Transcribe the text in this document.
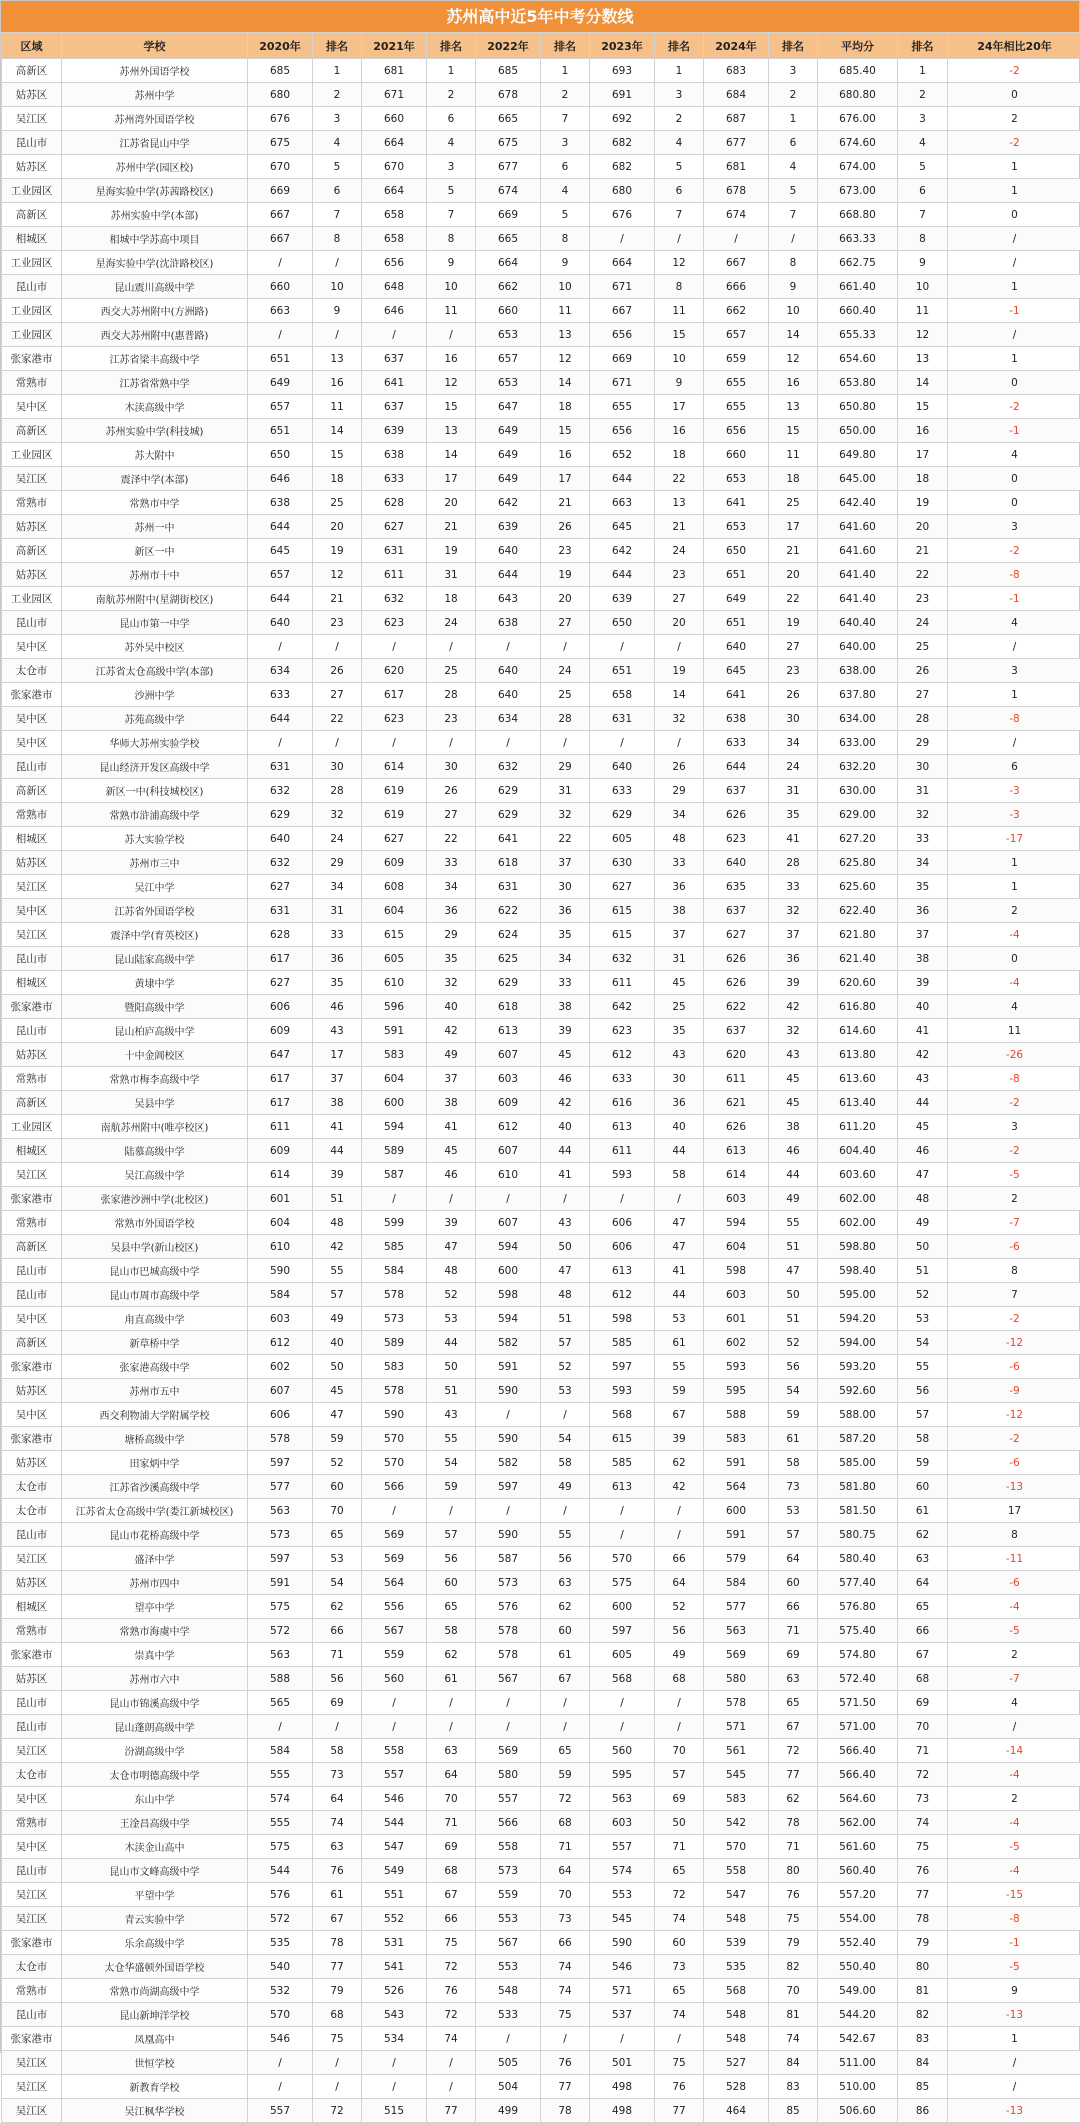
苏州高中近5年中考分数线
区域	学校	2020年	排名	2021年	排名	2022年	排名	2023年	排名	2024年	排名	平均分	排名	24年相比20年
高新区	苏州外国语学校	685	1	681	1	685	1	693	1	683	3	685.40	1	-2
姑苏区	苏州中学	680	2	671	2	678	2	691	3	684	2	680.80	2	0
吴江区	苏州湾外国语学校	676	3	660	6	665	7	692	2	687	1	676.00	3	2
昆山市	江苏省昆山中学	675	4	664	4	675	3	682	4	677	6	674.60	4	-2
姑苏区	苏州中学(园区校)	670	5	670	3	677	6	682	5	681	4	674.00	5	1
工业园区	星海实验中学(苏茜路校区)	669	6	664	5	674	4	680	6	678	5	673.00	6	1
高新区	苏州实验中学(本部)	667	7	658	7	669	5	676	7	674	7	668.80	7	0
相城区	相城中学苏高中项目	667	8	658	8	665	8	/	/	/	/	663.33	8	/
工业园区	星海实验中学(沈浒路校区)	/	/	656	9	664	9	664	12	667	8	662.75	9	/
昆山市	昆山震川高级中学	660	10	648	10	662	10	671	8	666	9	661.40	10	1
工业园区	西交大苏州附中(方洲路)	663	9	646	11	660	11	667	11	662	10	660.40	11	-1
工业园区	西交大苏州附中(惠普路)	/	/	/	/	653	13	656	15	657	14	655.33	12	/
张家港市	江苏省梁丰高级中学	651	13	637	16	657	12	669	10	659	12	654.60	13	1
常熟市	江苏省常熟中学	649	16	641	12	653	14	671	9	655	16	653.80	14	0
吴中区	木渎高级中学	657	11	637	15	647	18	655	17	655	13	650.80	15	-2
高新区	苏州实验中学(科技城)	651	14	639	13	649	15	656	16	656	15	650.00	16	-1
工业园区	苏大附中	650	15	638	14	649	16	652	18	660	11	649.80	17	4
吴江区	震泽中学(本部)	646	18	633	17	649	17	644	22	653	18	645.00	18	0
常熟市	常熟市中学	638	25	628	20	642	21	663	13	641	25	642.40	19	0
姑苏区	苏州一中	644	20	627	21	639	26	645	21	653	17	641.60	20	3
高新区	新区一中	645	19	631	19	640	23	642	24	650	21	641.60	21	-2
姑苏区	苏州市十中	657	12	611	31	644	19	644	23	651	20	641.40	22	-8
工业园区	南航苏州附中(星湖街校区)	644	21	632	18	643	20	639	27	649	22	641.40	23	-1
昆山市	昆山市第一中学	640	23	623	24	638	27	650	20	651	19	640.40	24	4
吴中区	苏外吴中校区	/	/	/	/	/	/	/	/	640	27	640.00	25	/
太仓市	江苏省太仓高级中学(本部)	634	26	620	25	640	24	651	19	645	23	638.00	26	3
张家港市	沙洲中学	633	27	617	28	640	25	658	14	641	26	637.80	27	1
吴中区	苏苑高级中学	644	22	623	23	634	28	631	32	638	30	634.00	28	-8
吴中区	华师大苏州实验学校	/	/	/	/	/	/	/	/	633	34	633.00	29	/
昆山市	昆山经济开发区高级中学	631	30	614	30	632	29	640	26	644	24	632.20	30	6
高新区	新区一中(科技城校区)	632	28	619	26	629	31	633	29	637	31	630.00	31	-3
常熟市	常熟市浒浦高级中学	629	32	619	27	629	32	629	34	626	35	629.00	32	-3
相城区	苏大实验学校	640	24	627	22	641	22	605	48	623	41	627.20	33	-17
姑苏区	苏州市三中	632	29	609	33	618	37	630	33	640	28	625.80	34	1
吴江区	吴江中学	627	34	608	34	631	30	627	36	635	33	625.60	35	1
吴中区	江苏省外国语学校	631	31	604	36	622	36	615	38	637	32	622.40	36	2
吴江区	震泽中学(育英校区)	628	33	615	29	624	35	615	37	627	37	621.80	37	-4
昆山市	昆山陆家高级中学	617	36	605	35	625	34	632	31	626	36	621.40	38	0
相城区	黄埭中学	627	35	610	32	629	33	611	45	626	39	620.60	39	-4
张家港市	暨阳高级中学	606	46	596	40	618	38	642	25	622	42	616.80	40	4
昆山市	昆山柏庐高级中学	609	43	591	42	613	39	623	35	637	32	614.60	41	11
姑苏区	十中金阊校区	647	17	583	49	607	45	612	43	620	43	613.80	42	-26
常熟市	常熟市梅李高级中学	617	37	604	37	603	46	633	30	611	45	613.60	43	-8
高新区	吴县中学	617	38	600	38	609	42	616	36	621	45	613.40	44	-2
工业园区	南航苏州附中(唯亭校区)	611	41	594	41	612	40	613	40	626	38	611.20	45	3
相城区	陆慕高级中学	609	44	589	45	607	44	611	44	613	46	604.40	46	-2
吴江区	吴江高级中学	614	39	587	46	610	41	593	58	614	44	603.60	47	-5
张家港市	张家港沙洲中学(北校区)	601	51	/	/	/	/	/	/	603	49	602.00	48	2
常熟市	常熟市外国语学校	604	48	599	39	607	43	606	47	594	55	602.00	49	-7
高新区	吴县中学(新山校区)	610	42	585	47	594	50	606	47	604	51	598.80	50	-6
昆山市	昆山市巴城高级中学	590	55	584	48	600	47	613	41	598	47	598.40	51	8
昆山市	昆山市周市高级中学	584	57	578	52	598	48	612	44	603	50	595.00	52	7
吴中区	甪直高级中学	603	49	573	53	594	51	598	53	601	51	594.20	53	-2
高新区	新草桥中学	612	40	589	44	582	57	585	61	602	52	594.00	54	-12
张家港市	张家港高级中学	602	50	583	50	591	52	597	55	593	56	593.20	55	-6
姑苏区	苏州市五中	607	45	578	51	590	53	593	59	595	54	592.60	56	-9
吴中区	西交利物浦大学附属学校	606	47	590	43	/	/	568	67	588	59	588.00	57	-12
张家港市	塘桥高级中学	578	59	570	55	590	54	615	39	583	61	587.20	58	-2
姑苏区	田家炳中学	597	52	570	54	582	58	585	62	591	58	585.00	59	-6
太仓市	江苏省沙溪高级中学	577	60	566	59	597	49	613	42	564	73	581.80	60	-13
太仓市	江苏省太仓高级中学(娄江新城校区)	563	70	/	/	/	/	/	/	600	53	581.50	61	17
昆山市	昆山市花桥高级中学	573	65	569	57	590	55	/	/	591	57	580.75	62	8
吴江区	盛泽中学	597	53	569	56	587	56	570	66	579	64	580.40	63	-11
姑苏区	苏州市四中	591	54	564	60	573	63	575	64	584	60	577.40	64	-6
相城区	望亭中学	575	62	556	65	576	62	600	52	577	66	576.80	65	-4
常熟市	常熟市海虞中学	572	66	567	58	578	60	597	56	563	71	575.40	66	-5
张家港市	崇真中学	563	71	559	62	578	61	605	49	569	69	574.80	67	2
姑苏区	苏州市六中	588	56	560	61	567	67	568	68	580	63	572.40	68	-7
昆山市	昆山市锦溪高级中学	565	69	/	/	/	/	/	/	578	65	571.50	69	4
昆山市	昆山蓬朗高级中学	/	/	/	/	/	/	/	/	571	67	571.00	70	/
吴江区	汾湖高级中学	584	58	558	63	569	65	560	70	561	72	566.40	71	-14
太仓市	太仓市明德高级中学	555	73	557	64	580	59	595	57	545	77	566.40	72	-4
吴中区	东山中学	574	64	546	70	557	72	563	69	583	62	564.60	73	2
常熟市	王淦昌高级中学	555	74	544	71	566	68	603	50	542	78	562.00	74	-4
吴中区	木渎金山高中	575	63	547	69	558	71	557	71	570	71	561.60	75	-5
昆山市	昆山市文峰高级中学	544	76	549	68	573	64	574	65	558	80	560.40	76	-4
吴江区	平望中学	576	61	551	67	559	70	553	72	547	76	557.20	77	-15
吴江区	青云实验中学	572	67	552	66	553	73	545	74	548	75	554.00	78	-8
张家港市	乐余高级中学	535	78	531	75	567	66	590	60	539	79	552.40	79	-1
太仓市	太仓华盛顿外国语学校	540	77	541	72	553	74	546	73	535	82	550.40	80	-5
常熟市	常熟市尚湖高级中学	532	79	526	76	548	74	571	65	568	70	549.00	81	9
昆山市	昆山新坤洋学校	570	68	543	72	533	75	537	74	548	81	544.20	82	-13
张家港市	凤凰高中	546	75	534	74	/	/	/	/	548	74	542.67	83	1
吴江区	世恒学校	/	/	/	/	505	76	501	75	527	84	511.00	84	/
吴江区	新教育学校	/	/	/	/	504	77	498	76	528	83	510.00	85	/
吴江区	吴江枫华学校	557	72	515	77	499	78	498	77	464	85	506.60	86	-13
